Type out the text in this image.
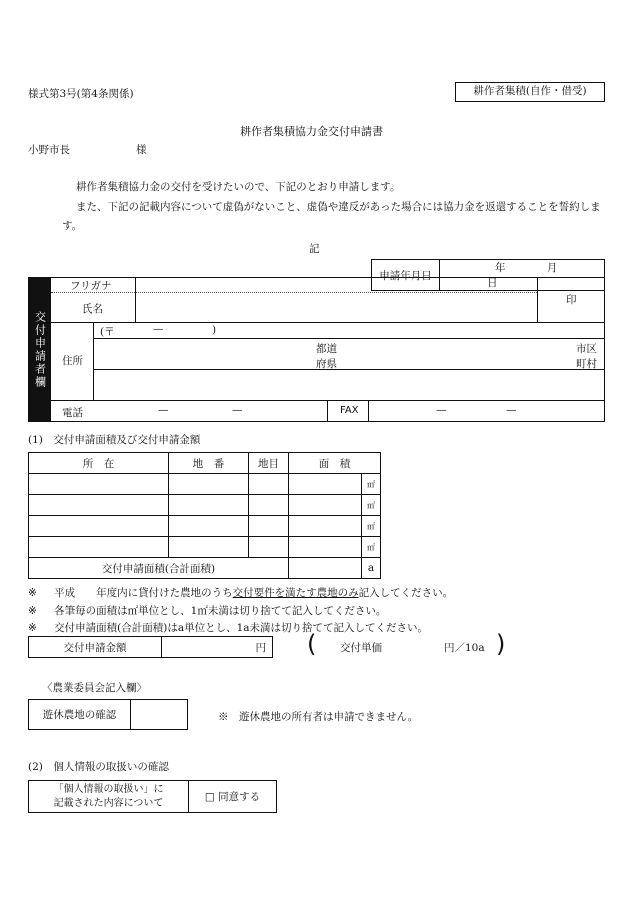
様式第3号(第4条関係)	耕作者集積(自作・借受)
耕作者集積協力金交付申請書
小野市長	様
耕作者集積協力金の交付を受けたいので、下記のとおり申請します。
また、下記の記載内容について虚偽がないこと、虚偽や違反があった場合には協力金を返還することを誓約します。
記
申請年月日	年	月 日
交付申請者欄
フリガナ
氏名
印
住所
(〒	—	)
都道
府県
市区
町村
電話	—	—	FAX	—	—
(1)　交付申請面積及び交付申請金額
所　在	地　番	地目	面　積	
				㎡
				㎡
				㎡
				㎡
交付申請面積(合計面積)				a
※ 平成　　年度内に貸付けた農地のうち交付要件を満たす農地のみ記入してください。
※ 各筆毎の面積は㎡単位とし、1㎡未満は切り捨てて記入してください。
※ 交付申請面積(合計面積)はa単位とし、1a未満は切り捨てて記入してください。
交付申請金額	円 ( 交付単価	円／10a )
〈農業委員会記入欄〉
遊休農地の確認		※　遊休農地の所有者は申請できません。
(2)　個人情報の取扱いの確認
「個人情報の取扱い」に
記載された内容について	□ 同意する
